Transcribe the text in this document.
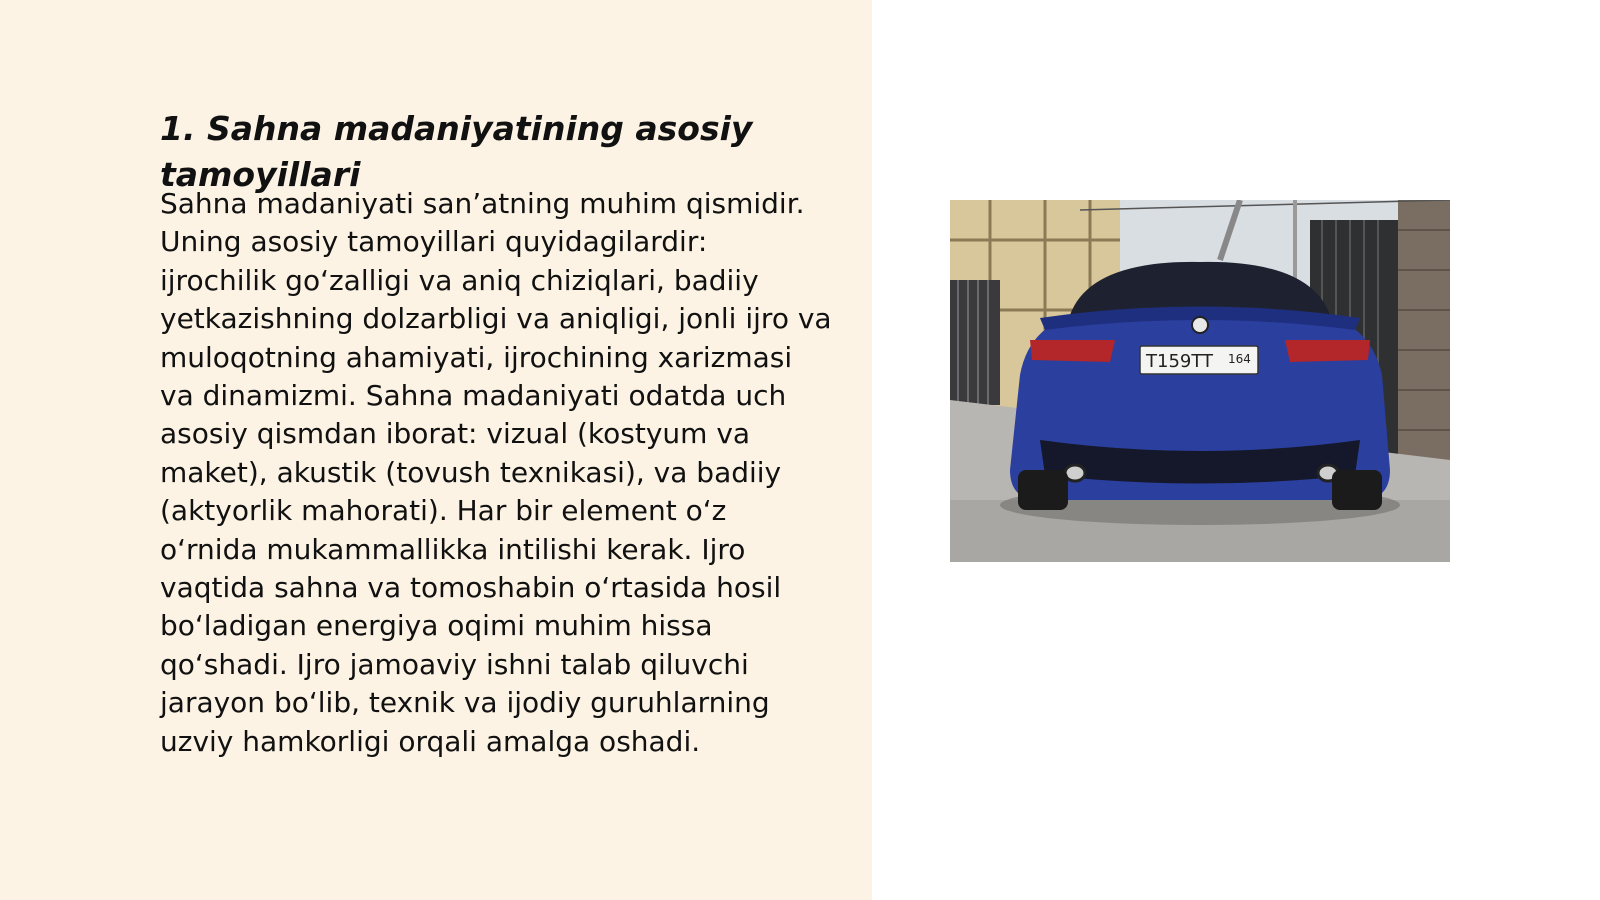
1. Sahna madaniyatining asosiy tamoyillari

Sahna madaniyati san’atning muhim qismidir. Uning asosiy tamoyillari quyidagilardir: ijrochilik go‘zalligi va aniq chiziqlari, badiiy yetkazishning dolzarbligi va aniqligi, jonli ijro va muloqotning ahamiyati, ijrochining xarizmasi va dinamizmi. Sahna madaniyati odatda uch asosiy qismdan iborat: vizual (kostyum va maket), akustik (tovush texnikasi), va badiiy (aktyorlik mahorati). Har bir element o‘z o‘rnida mukammallikka intilishi kerak. Ijro vaqtida sahna va tomoshabin o‘rtasida hosil bo‘ladigan energiya oqimi muhim hissa qo‘shadi. Ijro jamoaviy ishni talab qiluvchi jarayon bo‘lib, texnik va ijodiy guruhlarning uzviy hamkorligi orqali amalga oshadi.

T159TT 164
